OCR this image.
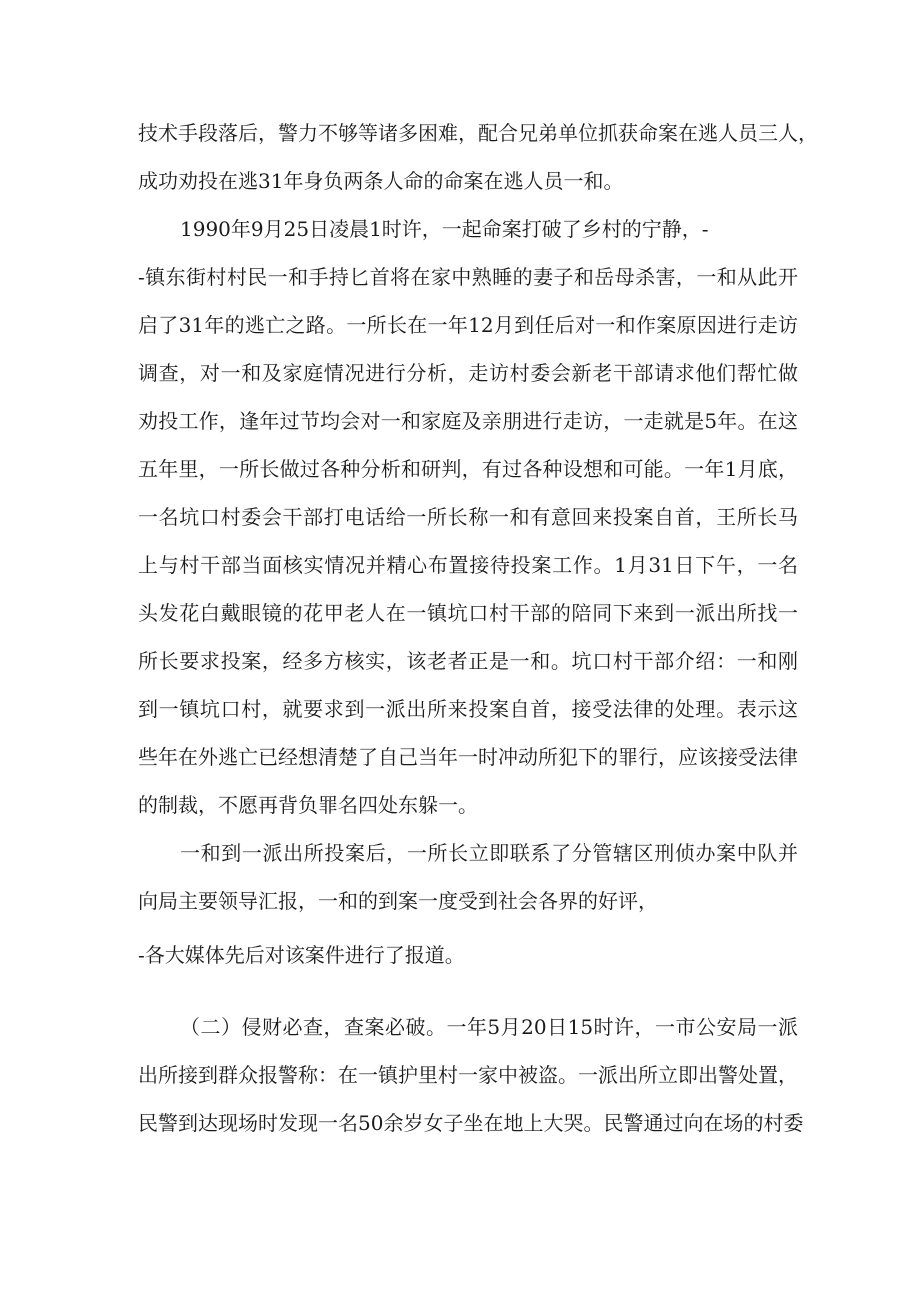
技术手段落后，警力不够等诸多困难，配合兄弟单位抓获命案在逃人员三人，
成功劝投在逃31年身负两条人命的命案在逃人员一和。
1990年9月25日凌晨1时许，一起命案打破了乡村的宁静，-
-镇东街村村民一和手持匕首将在家中熟睡的妻子和岳母杀害，一和从此开
启了31年的逃亡之路。一所长在一年12月到任后对一和作案原因进行走访
调查，对一和及家庭情况进行分析，走访村委会新老干部请求他们帮忙做
劝投工作，逢年过节均会对一和家庭及亲朋进行走访，一走就是5年。在这
五年里，一所长做过各种分析和研判，有过各种设想和可能。一年1月底，
一名坑口村委会干部打电话给一所长称一和有意回来投案自首，王所长马
上与村干部当面核实情况并精心布置接待投案工作。1月31日下午，一名
头发花白戴眼镜的花甲老人在一镇坑口村干部的陪同下来到一派出所找一
所长要求投案，经多方核实，该老者正是一和。坑口村干部介绍：一和刚
到一镇坑口村，就要求到一派出所来投案自首，接受法律的处理。表示这
些年在外逃亡已经想清楚了自己当年一时冲动所犯下的罪行，应该接受法律
的制裁，不愿再背负罪名四处东躲一。
一和到一派出所投案后，一所长立即联系了分管辖区刑侦办案中队并
向局主要领导汇报，一和的到案一度受到社会各界的好评，
-各大媒体先后对该案件进行了报道。
（二）侵财必查，查案必破。一年5月20日15时许，一市公安局一派
出所接到群众报警称：在一镇护里村一家中被盗。一派出所立即出警处置，
民警到达现场时发现一名50余岁女子坐在地上大哭。民警通过向在场的村委
